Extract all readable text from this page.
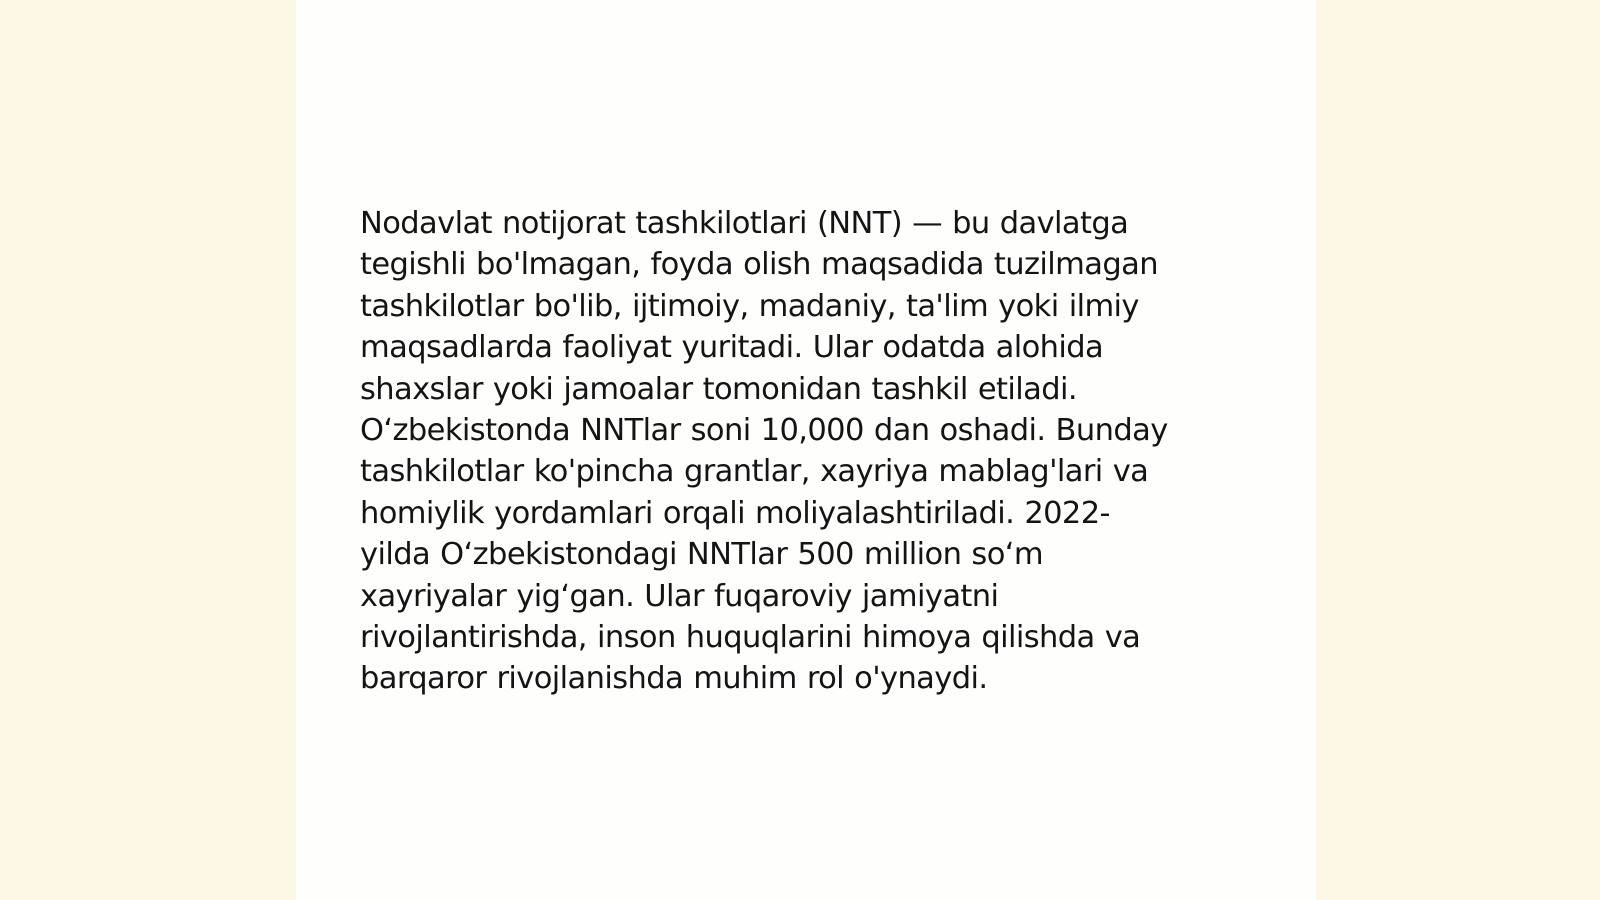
Nodavlat notijorat tashkilotlari (NNT) — bu davlatga
tegishli bo'lmagan, foyda olish maqsadida tuzilmagan
tashkilotlar bo'lib, ijtimoiy, madaniy, ta'lim yoki ilmiy
maqsadlarda faoliyat yuritadi. Ular odatda alohida
shaxslar yoki jamoalar tomonidan tashkil etiladi.
O‘zbekistonda NNTlar soni 10,000 dan oshadi. Bunday
tashkilotlar ko'pincha grantlar, xayriya mablag'lari va
homiylik yordamlari orqali moliyalashtiriladi. 2022-
yilda O‘zbekistondagi NNTlar 500 million so‘m
xayriyalar yig‘gan. Ular fuqaroviy jamiyatni
rivojlantirishda, inson huquqlarini himoya qilishda va
barqaror rivojlanishda muhim rol o'ynaydi.
